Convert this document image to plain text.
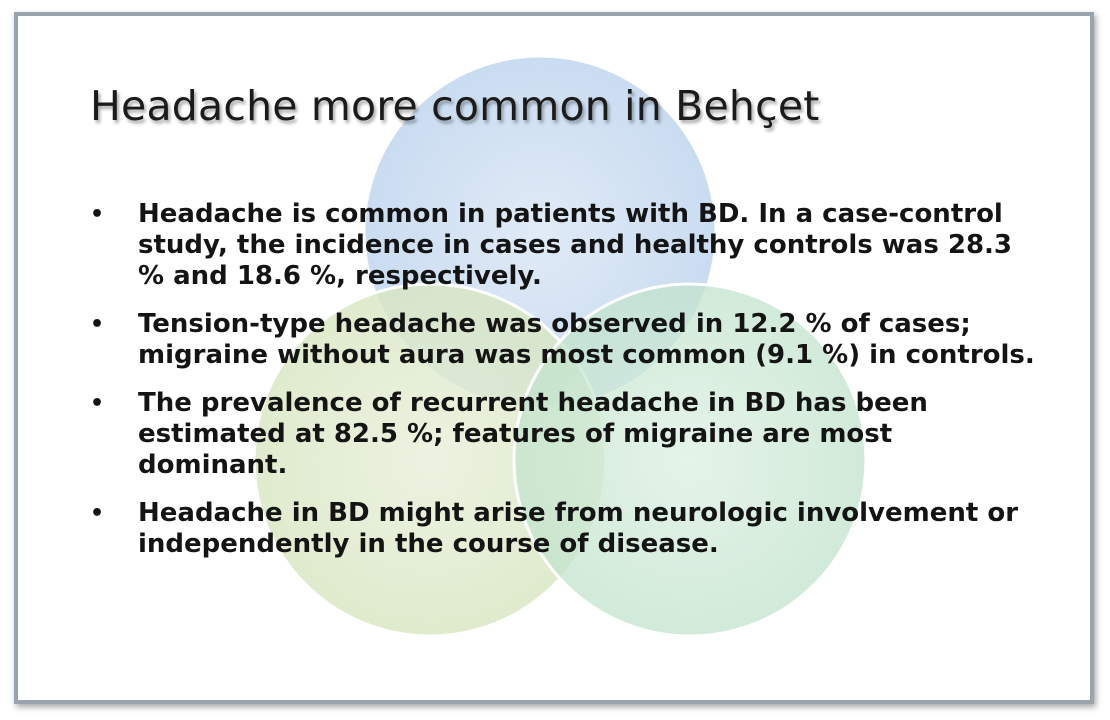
Headache more common in Behçet
• Headache is common in patients with BD. In a case-control study, the incidence in cases and healthy controls was 28.3 % and 18.6 %, respectively.
• Tension-type headache was observed in 12.2 % of cases; migraine without aura was most common (9.1 %) in controls.
• The prevalence of recurrent headache in BD has been estimated at 82.5 %; features of migraine are most dominant.
• Headache in BD might arise from neurologic involvement or independently in the course of disease.
